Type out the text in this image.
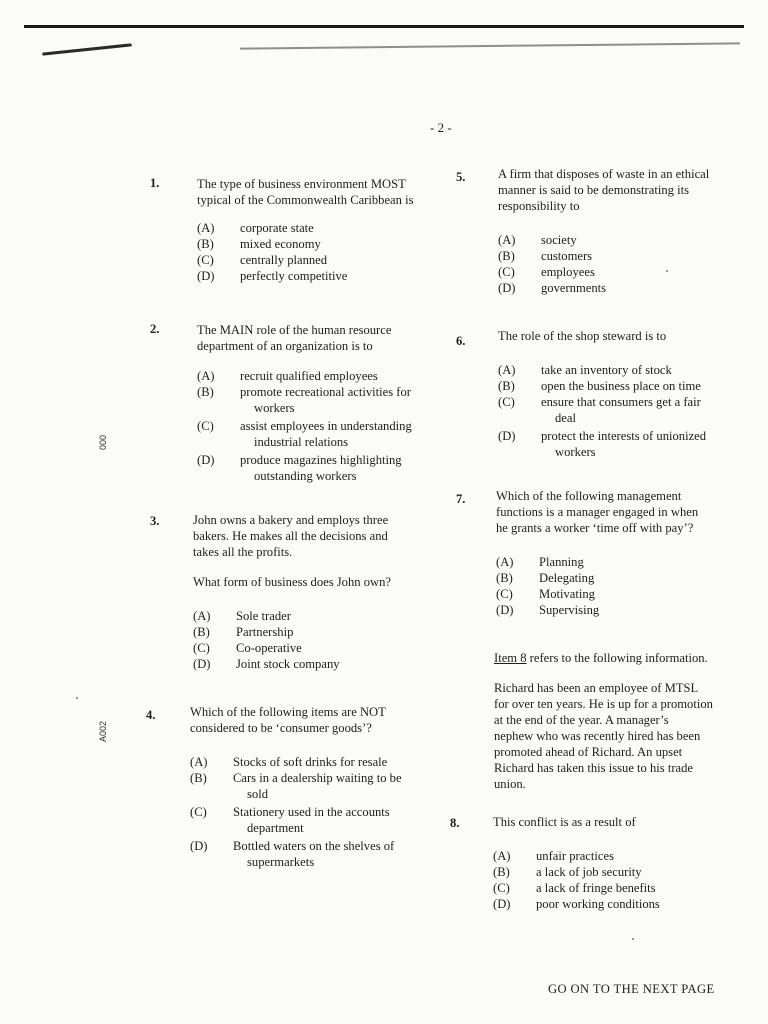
- 2 -
000
A002
1.	The type of business environment MOST
typical of the Commonwealth Caribbean is
(A)	corporate state
(B)	mixed economy
(C)	centrally planned
(D)	perfectly competitive
2.	The MAIN role of the human resource
department of an organization is to
(A)	recruit qualified employees
(B)	promote recreational activities for
workers
(C)	assist employees in understanding
industrial relations
(D)	produce magazines highlighting
outstanding workers
3.	John owns a bakery and employs three
bakers. He makes all the decisions and
takes all the profits.
What form of business does John own?
(A)	Sole trader
(B)	Partnership
(C)	Co-operative
(D)	Joint stock company
4.	Which of the following items are NOT
considered to be ‘consumer goods’?
(A)	Stocks of soft drinks for resale
(B)	Cars in a dealership waiting to be
sold
(C)	Stationery used in the accounts
department
(D)	Bottled waters on the shelves of
supermarkets
5.	A firm that disposes of waste in an ethical
manner is said to be demonstrating its
responsibility to
(A)	society
(B)	customers
(C)	employees
(D)	governments
6.	The role of the shop steward is to
(A)	take an inventory of stock
(B)	open the business place on time
(C)	ensure that consumers get a fair
deal
(D)	protect the interests of unionized
workers
7. Which of the following management
functions is a manager engaged in when
he grants a worker ‘time off with pay’?
(A)	Planning
(B)	Delegating
(C)	Motivating
(D)	Supervising
Item 8 refers to the following information.
Richard has been an employee of MTSL
for over ten years. He is up for a promotion
at the end of the year. A manager’s
nephew who was recently hired has been
promoted ahead of Richard. An upset
Richard has taken this issue to his trade
union.
8.	This conflict is as a result of
(A)	unfair practices
(B)	a lack of job security
(C)	a lack of fringe benefits
(D)	poor working conditions
GO ON TO THE NEXT PAGE
